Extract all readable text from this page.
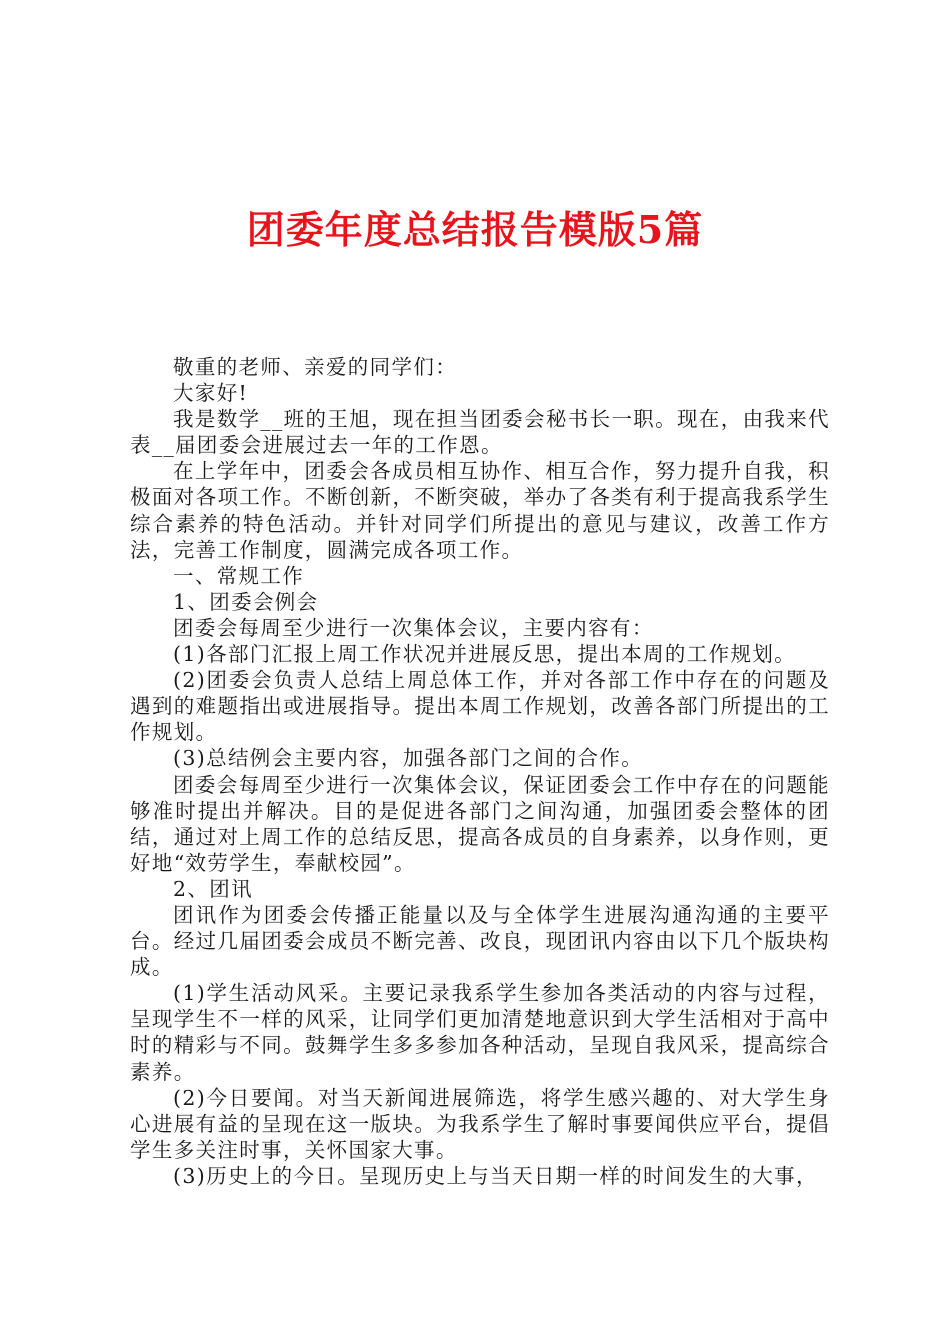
团委年度总结报告模版5篇

敬重的老师、亲爱的同学们：

大家好!

我是数学__班的王旭，现在担当团委会秘书长一职。现在，由我来代表__届团委会进展过去一年的工作恩。

在上学年中，团委会各成员相互协作、相互合作，努力提升自我，积极面对各项工作。不断创新，不断突破，举办了各类有利于提高我系学生综合素养的特色活动。并针对同学们所提出的意见与建议，改善工作方法，完善工作制度，圆满完成各项工作。

一、常规工作

1、团委会例会

团委会每周至少进行一次集体会议，主要内容有：

(1)各部门汇报上周工作状况并进展反思，提出本周的工作规划。

(2)团委会负责人总结上周总体工作，并对各部工作中存在的问题及遇到的难题指出或进展指导。提出本周工作规划，改善各部门所提出的工作规划。

(3)总结例会主要内容，加强各部门之间的合作。

团委会每周至少进行一次集体会议，保证团委会工作中存在的问题能够准时提出并解决。目的是促进各部门之间沟通，加强团委会整体的团结，通过对上周工作的总结反思，提高各成员的自身素养，以身作则，更好地“效劳学生，奉献校园”。

2、团讯

团讯作为团委会传播正能量以及与全体学生进展沟通沟通的主要平台。经过几届团委会成员不断完善、改良，现团讯内容由以下几个版块构成。

(1)学生活动风采。主要记录我系学生参加各类活动的内容与过程，呈现学生不一样的风采，让同学们更加清楚地意识到大学生活相对于高中时的精彩与不同。鼓舞学生多多参加各种活动，呈现自我风采，提高综合素养。

(2)今日要闻。对当天新闻进展筛选，将学生感兴趣的、对大学生身心进展有益的呈现在这一版块。为我系学生了解时事要闻供应平台，提倡学生多关注时事，关怀国家大事。

(3)历史上的今日。呈现历史上与当天日期一样的时间发生的大事，
